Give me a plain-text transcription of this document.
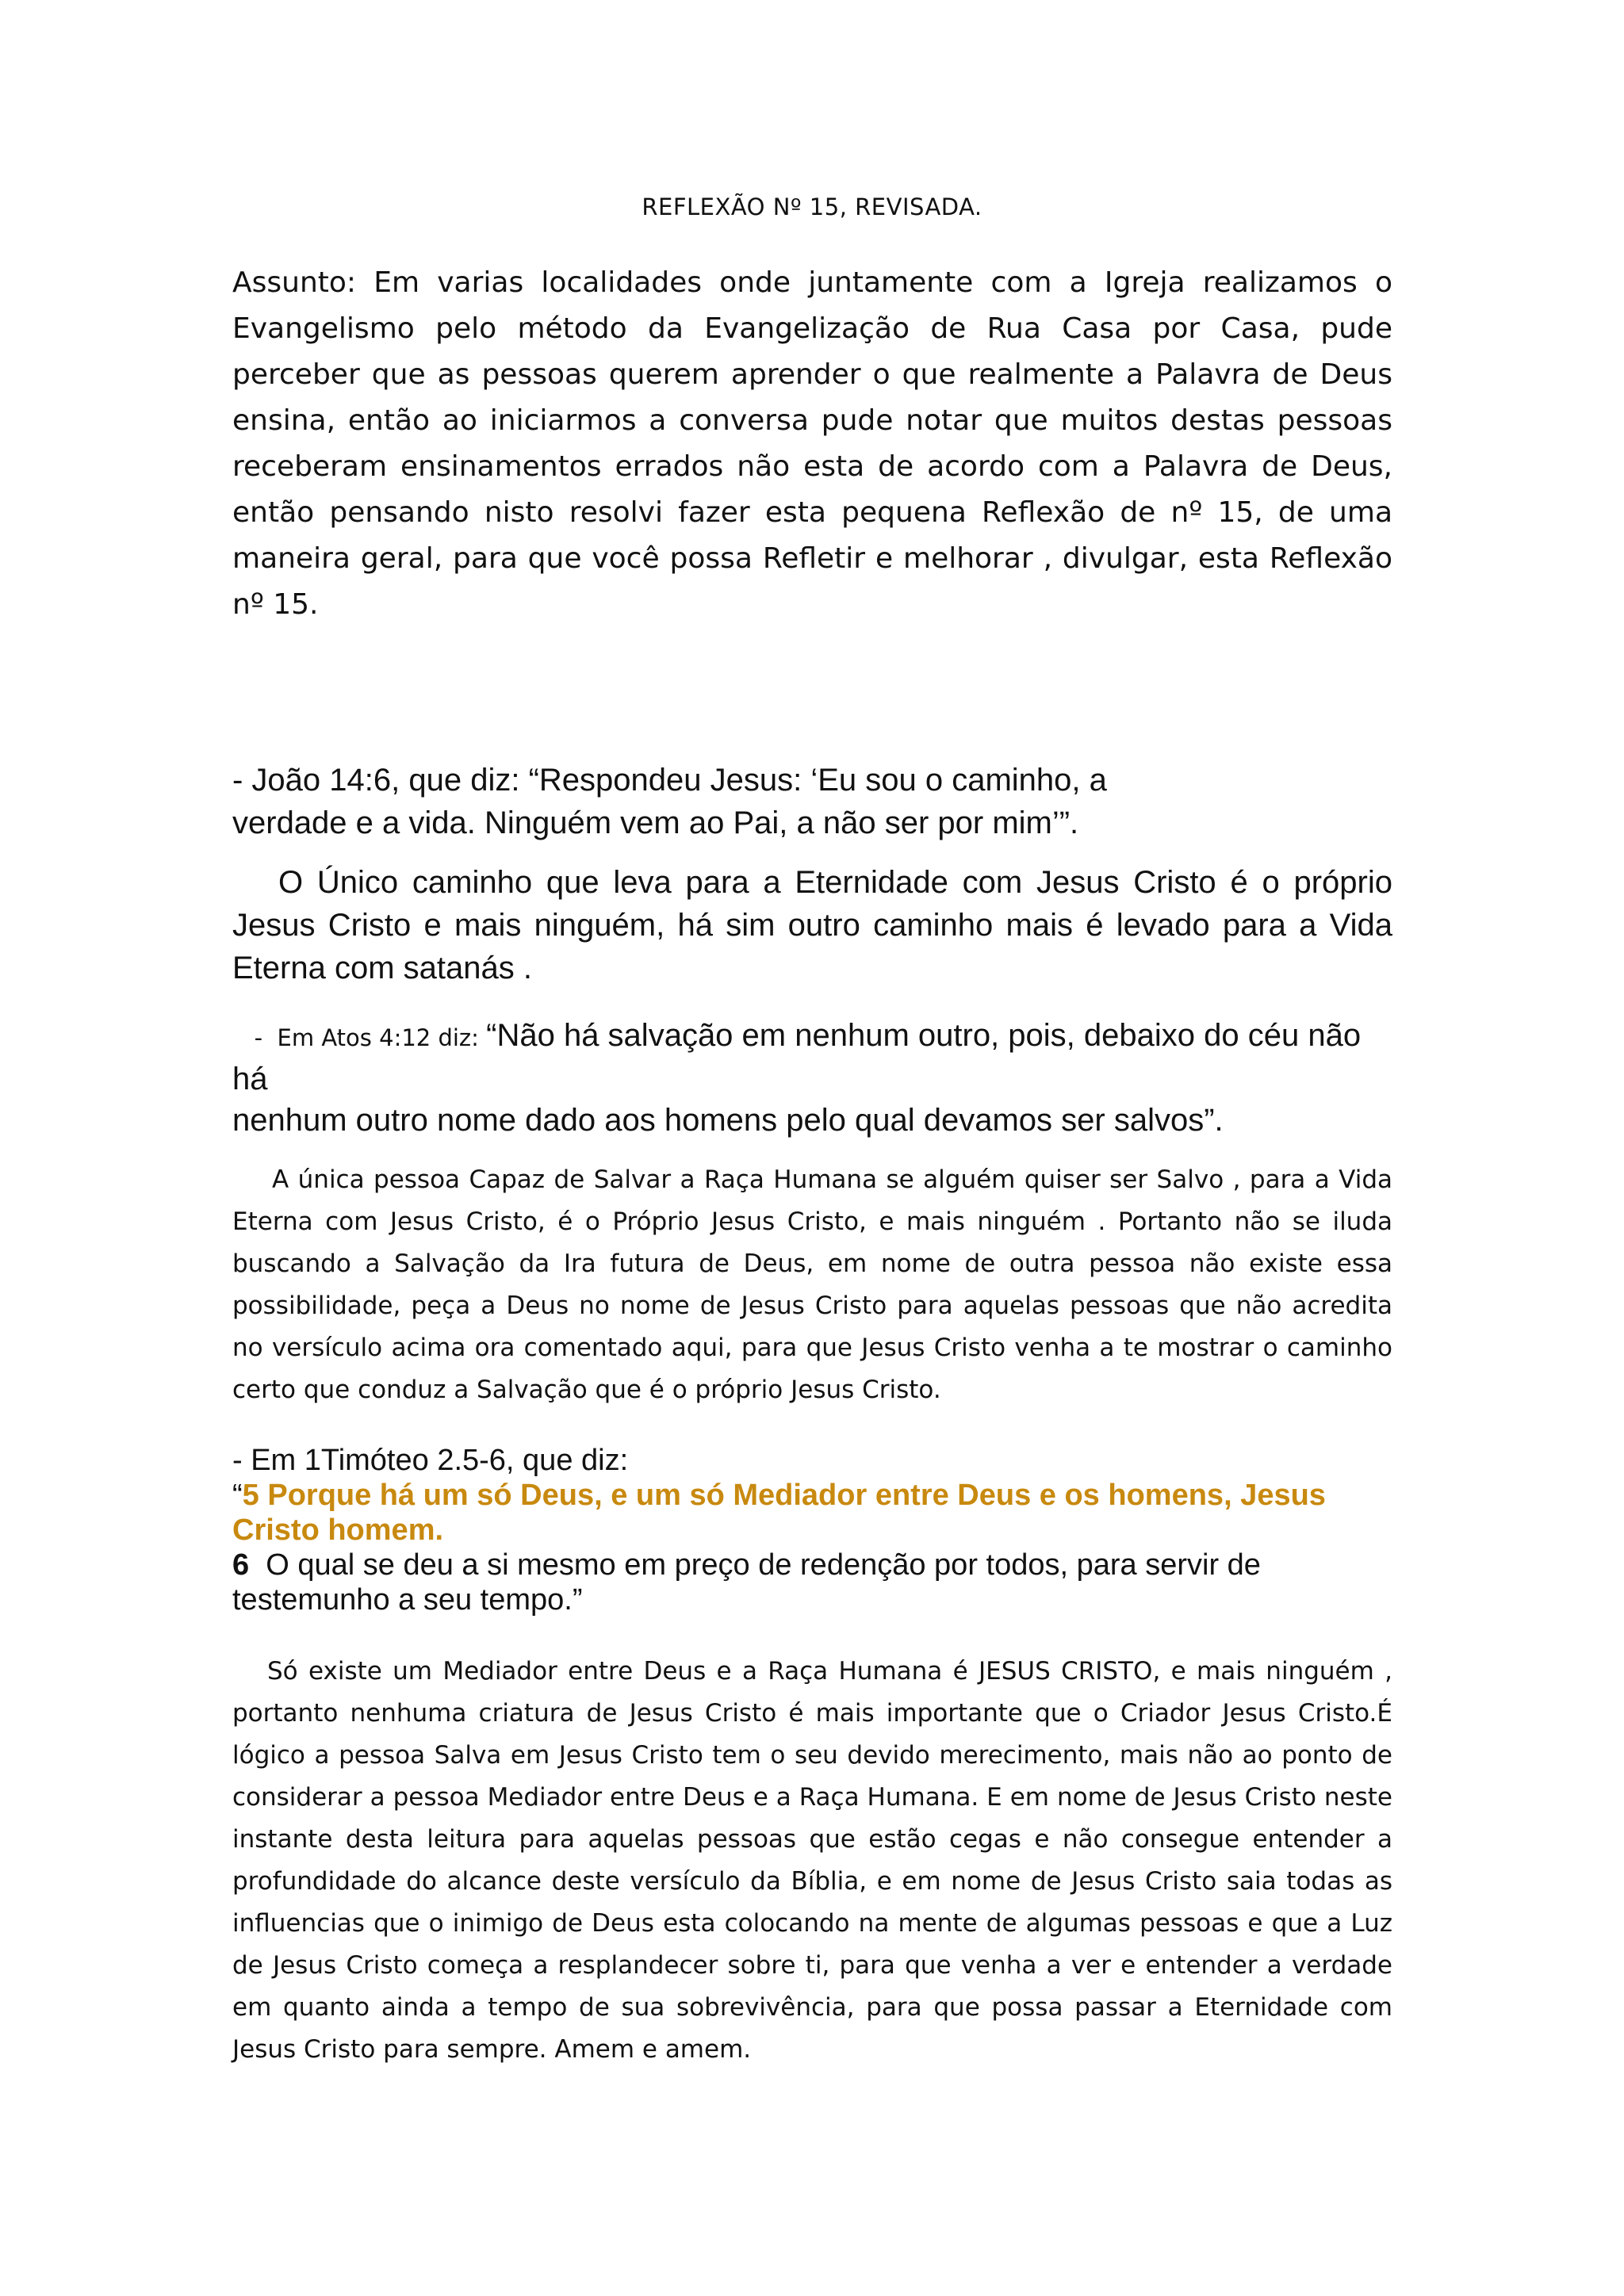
REFLEXÃO Nº 15, REVISADA.

Assunto: Em varias localidades onde juntamente com a Igreja realizamos o Evangelismo pelo método da Evangelização de Rua Casa por Casa, pude perceber que as pessoas querem aprender o que realmente a Palavra de Deus ensina, então ao iniciarmos a conversa pude notar que muitos destas pessoas receberam ensinamentos errados não esta de acordo com a Palavra de Deus, então pensando nisto resolvi fazer esta pequena Reflexão de nº 15, de uma maneira geral, para que você possa Refletir e melhorar , divulgar, esta Reflexão nº 15.

- João 14:6, que diz: “Respondeu Jesus: ‘Eu sou o caminho, a
verdade e a vida. Ninguém vem ao Pai, a não ser por mim’”.

O Único caminho que leva para a Eternidade com Jesus Cristo é o próprio Jesus Cristo e mais ninguém, há sim outro caminho mais é levado para a Vida Eterna com satanás .

-  Em Atos 4:12 diz: “Não há salvação em nenhum outro, pois, debaixo do céu não há
nenhum outro nome dado aos homens pelo qual devamos ser salvos”.

A única pessoa Capaz de Salvar a Raça Humana se alguém quiser ser Salvo , para a Vida Eterna com Jesus Cristo, é o Próprio Jesus Cristo, e mais ninguém . Portanto não se iluda buscando a Salvação da Ira futura de Deus, em nome de outra pessoa não existe essa possibilidade, peça a Deus no nome de Jesus Cristo para aquelas pessoas que não acredita no versículo acima ora comentado aqui, para que Jesus Cristo venha a te mostrar o caminho certo que conduz a Salvação que é o próprio Jesus Cristo.

- Em 1Timóteo 2.5-6, que diz:
“5 Porque há um só Deus, e um só Mediador entre Deus e os homens, Jesus Cristo homem.
6  O qual se deu a si mesmo em preço de redenção por todos, para servir de testemunho a seu tempo.”

Só existe um Mediador entre Deus e a Raça Humana é JESUS CRISTO, e mais ninguém , portanto nenhuma criatura de Jesus Cristo é mais importante que o Criador Jesus Cristo.É lógico a pessoa Salva em Jesus Cristo tem o seu devido merecimento, mais não ao ponto de considerar a pessoa Mediador entre Deus e a Raça Humana. E em nome de Jesus Cristo neste instante desta leitura para aquelas pessoas que estão cegas e não consegue entender a profundidade do alcance deste versículo da Bíblia, e em nome de Jesus Cristo saia todas as influencias que o inimigo de Deus esta colocando na mente de algumas pessoas e que a Luz de Jesus Cristo começa a resplandecer sobre ti, para que venha a ver e entender a verdade em quanto ainda a tempo de sua sobrevivência, para que possa passar a Eternidade com Jesus Cristo para sempre. Amem e amem.
